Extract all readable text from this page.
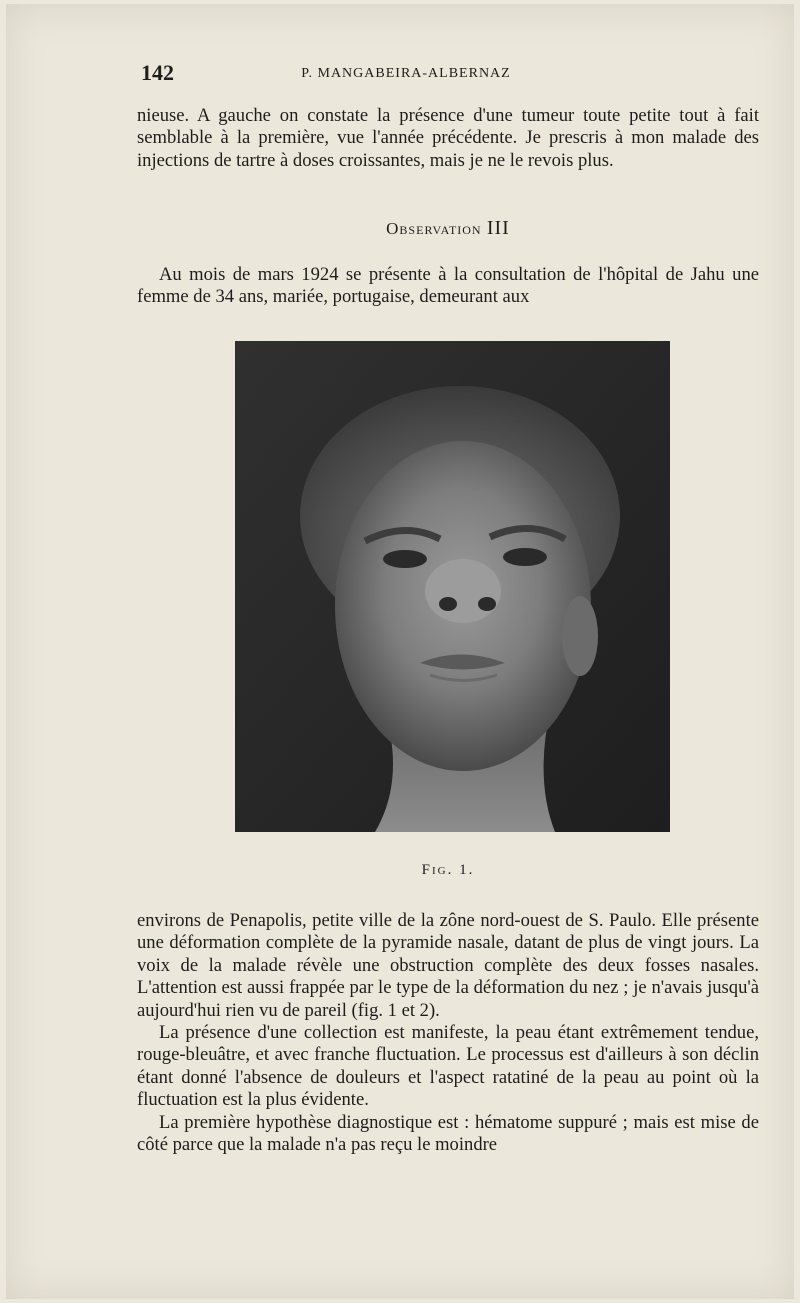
142	P. MANGABEIRA-ALBERNAZ
nieuse. A gauche on constate la présence d'une tumeur toute petite tout à fait semblable à la première, vue l'année précédente. Je prescris à mon malade des injections de tartre à doses croissantes, mais je ne le revois plus.
Observation III
Au mois de mars 1924 se présente à la consultation de l'hôpital de Jahu une femme de 34 ans, mariée, portugaise, demeurant aux
Fig. 1.
environs de Penapolis, petite ville de la zône nord-ouest de S. Paulo. Elle présente une déformation complète de la pyramide nasale, datant de plus de vingt jours. La voix de la malade révèle une obstruction complète des deux fosses nasales. L'attention est aussi frappée par le type de la déformation du nez ; je n'avais jusqu'à aujourd'hui rien vu de pareil (fig. 1 et 2).
La présence d'une collection est manifeste, la peau étant extrêmement tendue, rouge-bleuâtre, et avec franche fluctuation. Le processus est d'ailleurs à son déclin étant donné l'absence de douleurs et l'aspect ratatiné de la peau au point où la fluctuation est la plus évidente.
La première hypothèse diagnostique est : hématome suppuré ; mais est mise de côté parce que la malade n'a pas reçu le moindre
